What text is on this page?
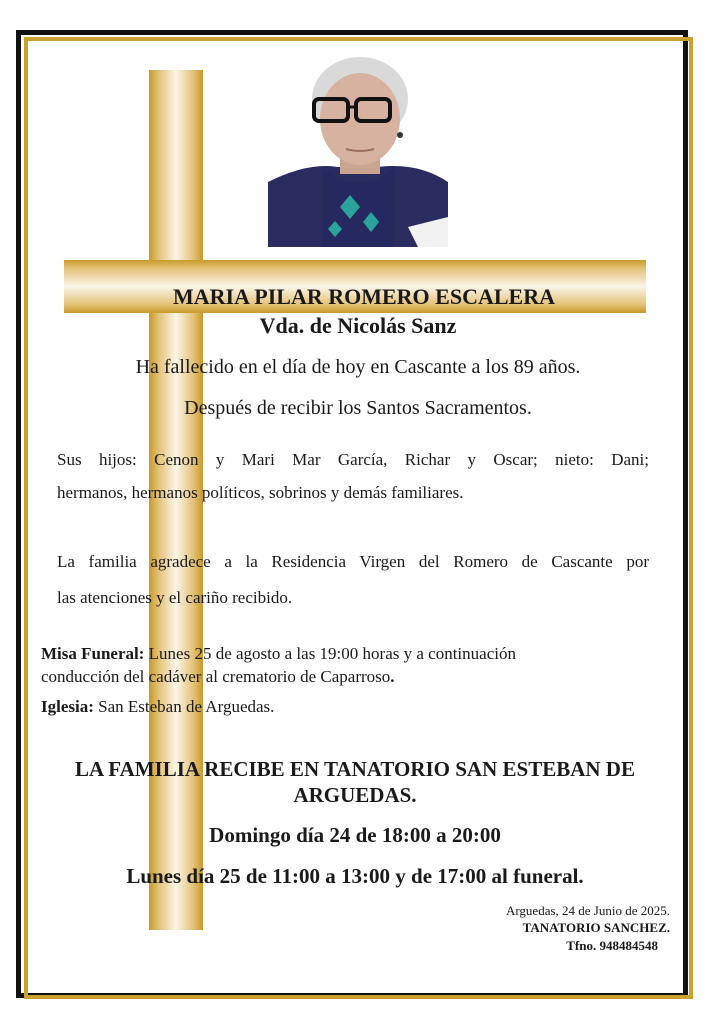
MARIA PILAR ROMERO ESCALERA

Vda. de Nicolás Sanz

Ha fallecido en el día de hoy en Cascante a los 89 años.

Después de recibir los Santos Sacramentos.

Sus hijos: Cenon y Mari Mar García, Richar y Oscar; nieto: Dani;

hermanos, hermanos políticos, sobrinos y demás familiares.

La familia agradece a la Residencia Virgen del Romero de Cascante por

las atenciones y el cariño recibido.

Misa Funeral: Lunes 25 de agosto a las 19:00 horas y a continuación

conducción del cadáver al crematorio de Caparroso.

Iglesia: San Esteban de Arguedas.

LA FAMILIA RECIBE EN TANATORIO SAN ESTEBAN DE

ARGUEDAS.

Domingo día 24 de 18:00 a 20:00

Lunes día 25 de 11:00 a 13:00 y de 17:00 al funeral.

Arguedas, 24 de Junio de 2025.

TANATORIO SANCHEZ.

Tfno. 948484548
